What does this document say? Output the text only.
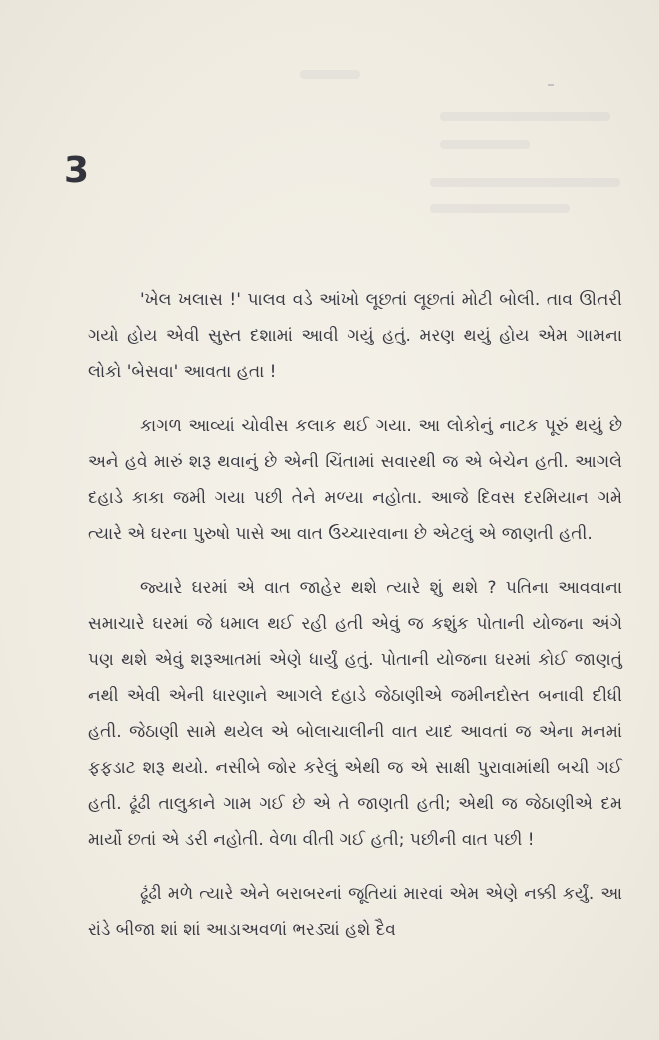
3

'ખેલ ખલાસ !' પાલવ વડે આંખો લૂછતાં લૂછતાં મોટી બોલી. તાવ ઊતરી ગયો હોય એવી સુસ્ત દશામાં આવી ગયું હતું. મરણ થયું હોય એમ ગામના લોકો 'બેસવા' આવતા હતા !

કાગળ આવ્યાં ચોવીસ કલાક થઈ ગયા. આ લોકોનું નાટક પૂરું થયું છે અને હવે મારું શરૂ થવાનું છે એની ચિંતામાં સવારથી જ એ બેચેન હતી. આગલે દહાડે કાકા જમી ગયા પછી તેને મળ્યા નહોતા. આજે દિવસ દરમિયાન ગમે ત્યારે એ ઘરના પુરુષો પાસે આ વાત ઉચ્ચારવાના છે એટલું એ જાણતી હતી.

જ્યારે ઘરમાં એ વાત જાહેર થશે ત્યારે શું થશે ? પતિના આવવાના સમાચારે ઘરમાં જે ધમાલ થઈ રહી હતી એવું જ કશુંક પોતાની યોજના અંગે પણ થશે એવું શરૂઆતમાં એણે ધાર્યું હતું. પોતાની યોજના ઘરમાં કોઈ જાણતું નથી એવી એની ધારણાને આગલે દહાડે જેઠાણીએ જમીનદોસ્ત બનાવી દીધી હતી. જેઠાણી સામે થયેલ એ બોલાચાલીની વાત યાદ આવતાં જ એના મનમાં ફફડાટ શરૂ થયો. નસીબે જોર કરેલું એથી જ એ સાક્ષી પુરાવામાંથી બચી ગઈ હતી. ઢૂંઢી તાલુકાને ગામ ગઈ છે એ તે જાણતી હતી; એથી જ જેઠાણીએ દમ માર્યો છતાં એ ડરી નહોતી. વેળા વીતી ગઈ હતી; પછીની વાત પછી !

ઢૂંઢી મળે ત્યારે એને બરાબરનાં જૂતિયાં મારવાં એમ એણે નક્કી કર્યું. આ રાંડે બીજા શાં શાં આડાઅવળાં ભરડ્યાં હશે દૈવ
